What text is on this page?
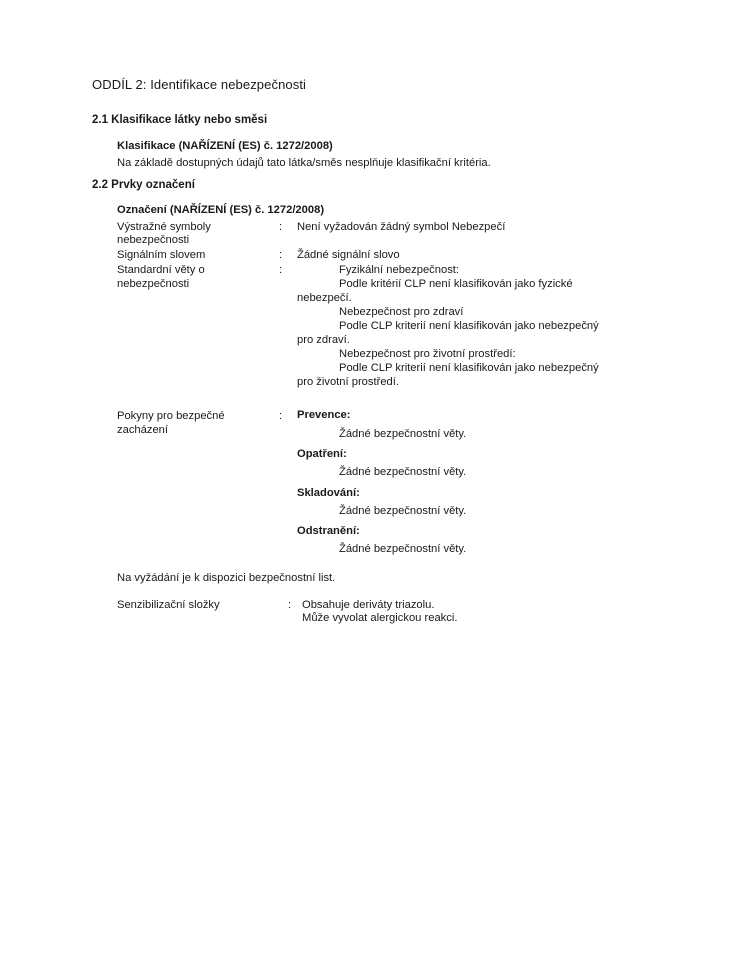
ODDÍL 2: Identifikace nebezpečnosti
2.1 Klasifikace látky nebo směsi
Klasifikace (NAŘÍZENÍ (ES) č. 1272/2008)
Na základě dostupných údajů tato látka/směs nesplňuje klasifikační kritéria.
2.2 Prvky označení
Označení (NAŘÍZENÍ (ES) č. 1272/2008)
Výstražné symboly
nebezpečnosti
: Není vyžadován žádný symbol Nebezpečí
Signálním slovem	: Žádné signální slovo
Standardní věty o
nebezpečnosti
:	Fyzikální nebezpečnost:
Podle kritérií CLP není klasifikován jako fyzické
nebezpečí.
Nebezpečnost pro zdraví
Podle CLP kriterií není klasifikován jako nebezpečný
pro zdraví.
Nebezpečnost pro životní prostředí:
Podle CLP kriterií není klasifikován jako nebezpečný
pro životní prostředí.
Pokyny pro bezpečné
zacházení
: Prevence:
Žádné bezpečnostní věty.
Opatření:
Žádné bezpečnostní věty.
Skladování:
Žádné bezpečnostní věty.
Odstranění:
Žádné bezpečnostní věty.
Na vyžádání je k dispozici bezpečnostní list.
Senzibilizační složky	: Obsahuje deriváty triazolu.
Může vyvolat alergickou reakci.
